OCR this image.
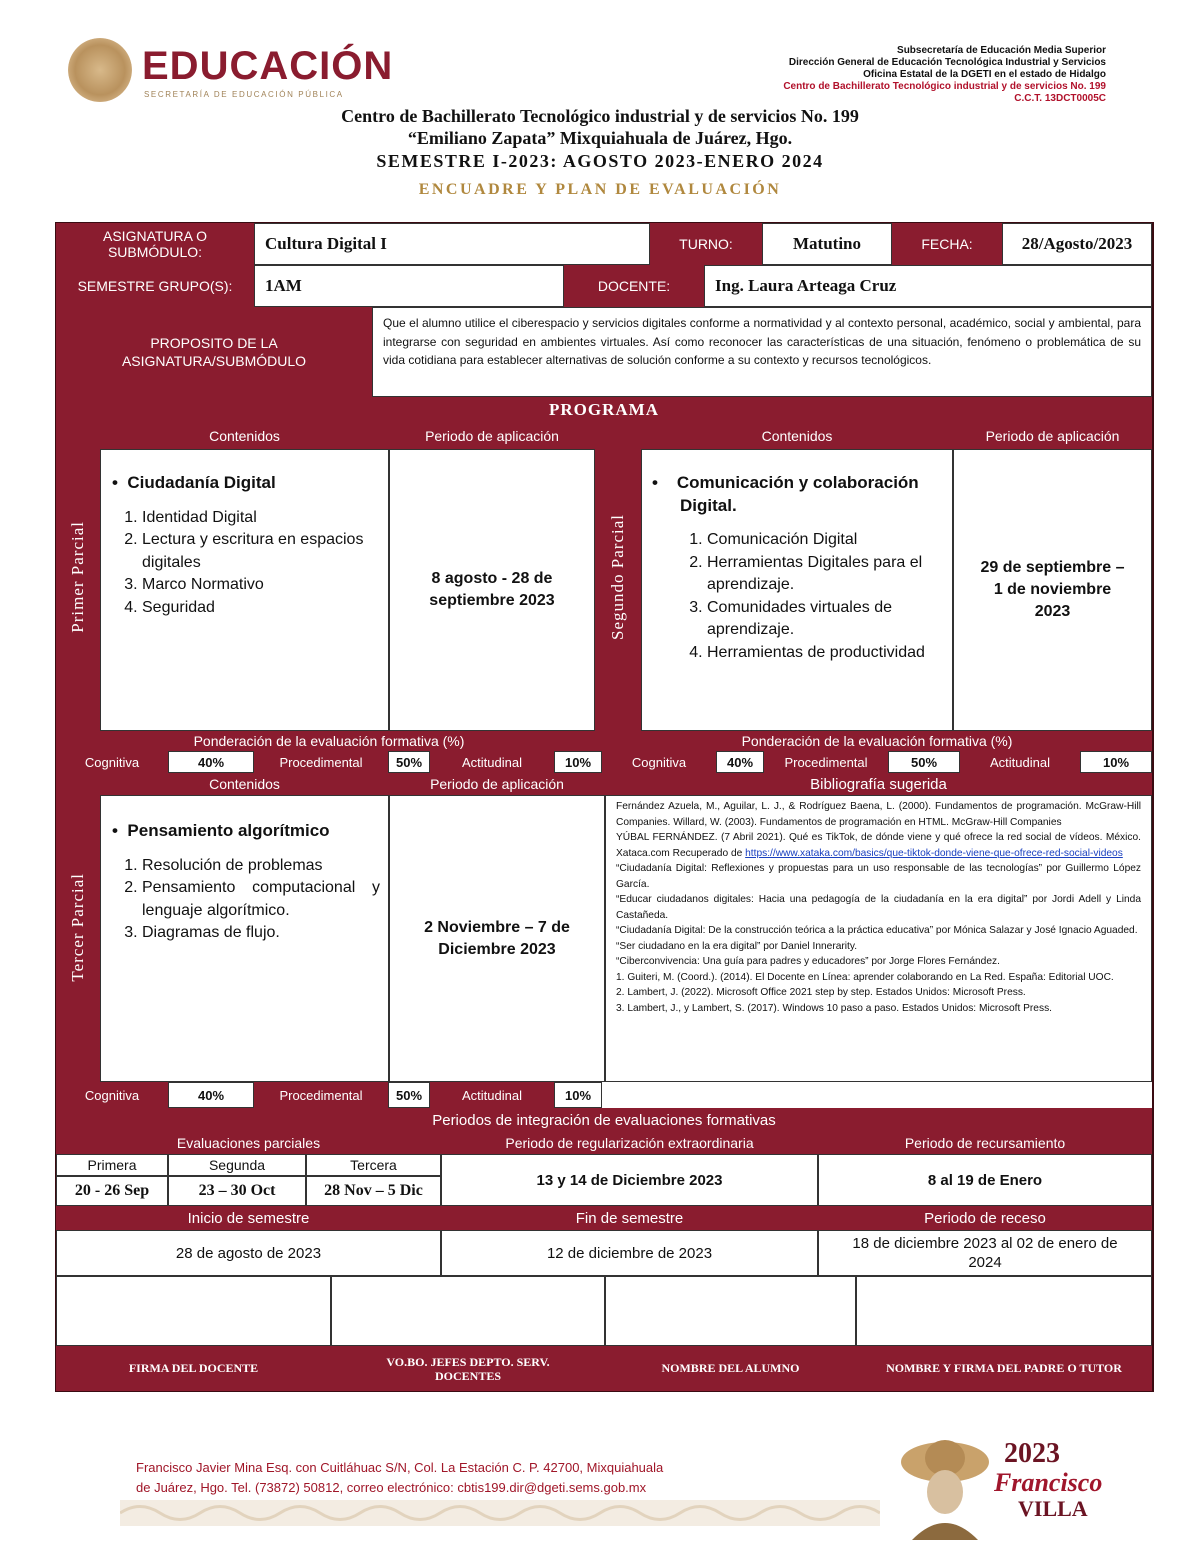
EDUCACIÓN
SECRETARÍA DE EDUCACIÓN PÚBLICA
Subsecretaría de Educación Media Superior
Dirección General de Educación Tecnológica Industrial y Servicios
Oficina Estatal de la DGETI en el estado de Hidalgo
Centro de Bachillerato Tecnológico industrial y de servicios No. 199
C.C.T. 13DCT0005C
Centro de Bachillerato Tecnológico industrial y de servicios No. 199
“Emiliano Zapata” Mixquiahuala de Juárez, Hgo.
SEMESTRE I-2023: AGOSTO 2023-ENERO 2024
ENCUADRE Y PLAN DE EVALUACIÓN
ASIGNATURA O SUBMÓDULO:	Cultura Digital I	TURNO:	Matutino	FECHA:	28/Agosto/2023
SEMESTRE GRUPO(S):	1AM	DOCENTE:	Ing. Laura Arteaga Cruz
PROPOSITO DE LA ASIGNATURA/SUBMÓDULO
Que el alumno utilice el ciberespacio y servicios digitales conforme a normatividad y al contexto personal, académico, social y ambiental, para integrarse con seguridad en ambientes virtuales. Así como reconocer las características de una situación, fenómeno o problemática de su vida cotidiana para establecer alternativas de solución conforme a su contexto y recursos tecnológicos.
PROGRAMA
Primer Parcial
Contenidos	Periodo de aplicación
Segundo Parcial
Contenidos	Periodo de aplicación
•  Ciudadanía Digital
1. Identidad Digital
2. Lectura y escritura en espacios digitales
3. Marco Normativo
4. Seguridad
8 agosto - 28 de septiembre 2023
•    Comunicación y colaboración Digital.
1. Comunicación Digital
2. Herramientas Digitales para el aprendizaje.
3. Comunidades virtuales de aprendizaje.
4. Herramientas de productividad
29 de septiembre – 1 de noviembre 2023
Ponderación de la evaluación formativa (%)	Ponderación de la evaluación formativa (%)
Cognitiva	40%	Procedimental	50%	Actitudinal	10%	Cognitiva	40%	Procedimental	50%	Actitudinal	10%
Tercer Parcial
Contenidos	Periodo de aplicación	Bibliografía sugerida
•  Pensamiento algorítmico
1. Resolución de problemas
2. Pensamiento computacional y lenguaje algorítmico.
3. Diagramas de flujo.	2 Noviembre – 7 de Diciembre 2023
Fernández Azuela, M., Aguilar, L. J., & Rodríguez Baena, L. (2000). Fundamentos de programación. McGraw-Hill Companies. Willard, W. (2003). Fundamentos de programación en HTML. McGraw-Hill Companies
YÚBAL FERNÁNDEZ. (7 Abril 2021). Qué es TikTok, de dónde viene y qué ofrece la red social de vídeos. México. Xataca.com Recuperado de https://www.xataka.com/basics/que-tiktok-donde-viene-que-ofrece-red-social-videos
“Ciudadanía Digital: Reflexiones y propuestas para un uso responsable de las tecnologías” por Guillermo López García.
“Educar ciudadanos digitales: Hacia una pedagogía de la ciudadanía en la era digital” por Jordi Adell y Linda Castañeda.
“Ciudadanía Digital: De la construcción teórica a la práctica educativa” por Mónica Salazar y José Ignacio Aguaded.
“Ser ciudadano en la era digital” por Daniel Innerarity.
“Ciberconvivencia: Una guía para padres y educadores” por Jorge Flores Fernández.
1. Guiteri, M. (Coord.). (2014). El Docente en Línea: aprender colaborando en La Red. España: Editorial UOC.
2. Lambert, J. (2022). Microsoft Office 2021 step by step. Estados Unidos: Microsoft Press.
3. Lambert, J., y Lambert, S. (2017). Windows 10 paso a paso. Estados Unidos: Microsoft Press.
Cognitiva	40%	Procedimental	50%	Actitudinal	10%
Periodos de integración de evaluaciones formativas
Evaluaciones parciales	Periodo de regularización extraordinaria	Periodo de recursamiento
Primera	Segunda	Tercera
20 - 26 Sep	23 – 30 Oct	28 Nov – 5 Dic
13 y 14 de Diciembre 2023	8 al 19 de Enero
Inicio de semestre	Fin de semestre	Periodo de receso
28 de agosto de 2023	12 de diciembre de 2023
18 de diciembre 2023 al 02 de enero de 2024
FIRMA DEL DOCENTE	VO.BO. JEFES DEPTO. SERV. DOCENTES
NOMBRE DEL ALUMNO	NOMBRE Y FIRMA DEL PADRE O TUTOR
Francisco Javier Mina Esq. con Cuitláhuac S/N, Col. La Estación C. P. 42700, Mixquiahuala
de Juárez, Hgo. Tel. (73872) 50812, correo electrónico: cbtis199.dir@dgeti.sems.gob.mx
2023
Francisco
VILLA
